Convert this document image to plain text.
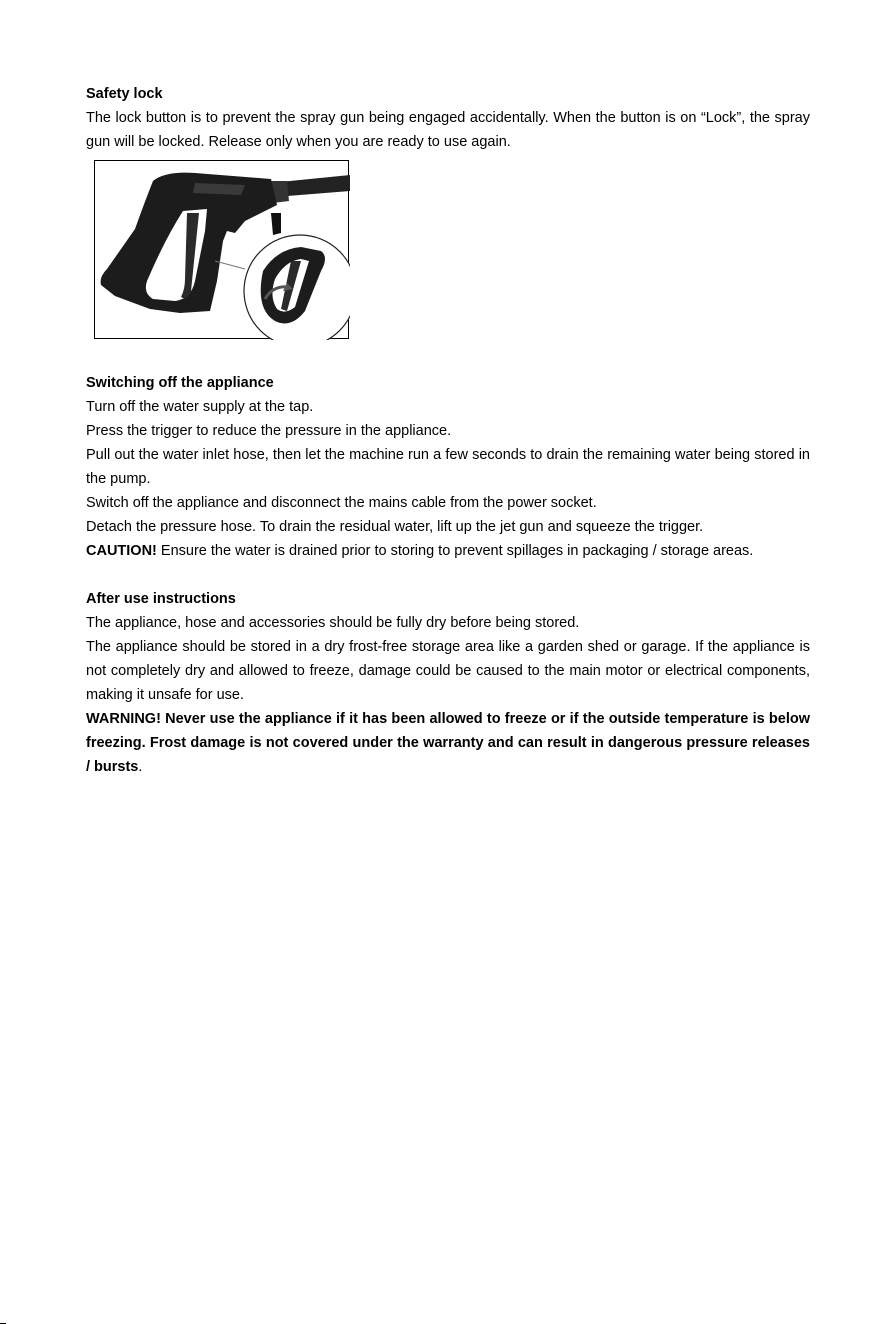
Safety lock

The lock button is to prevent the spray gun being engaged accidentally. When the button is on “Lock”, the spray gun will be locked. Release only when you are ready to use again.

Switching off the appliance

Turn off the water supply at the tap.

Press the trigger to reduce the pressure in the appliance.

Pull out the water inlet hose, then let the machine run a few seconds to drain the remaining water being stored in the pump.

Switch off the appliance and disconnect the mains cable from the power socket.

Detach the pressure hose. To drain the residual water, lift up the jet gun and squeeze the trigger.

CAUTION! Ensure the water is drained prior to storing to prevent spillages in packaging / storage areas.

After use instructions

The appliance, hose and accessories should be fully dry before being stored.

The appliance should be stored in a dry frost-free storage area like a garden shed or garage. If the appliance is not completely dry and allowed to freeze, damage could be caused to the main motor or electrical components, making it unsafe for use.

WARNING! Never use the appliance if it has been allowed to freeze or if the outside temperature is below freezing. Frost damage is not covered under the warranty and can result in dangerous pressure releases / bursts.
